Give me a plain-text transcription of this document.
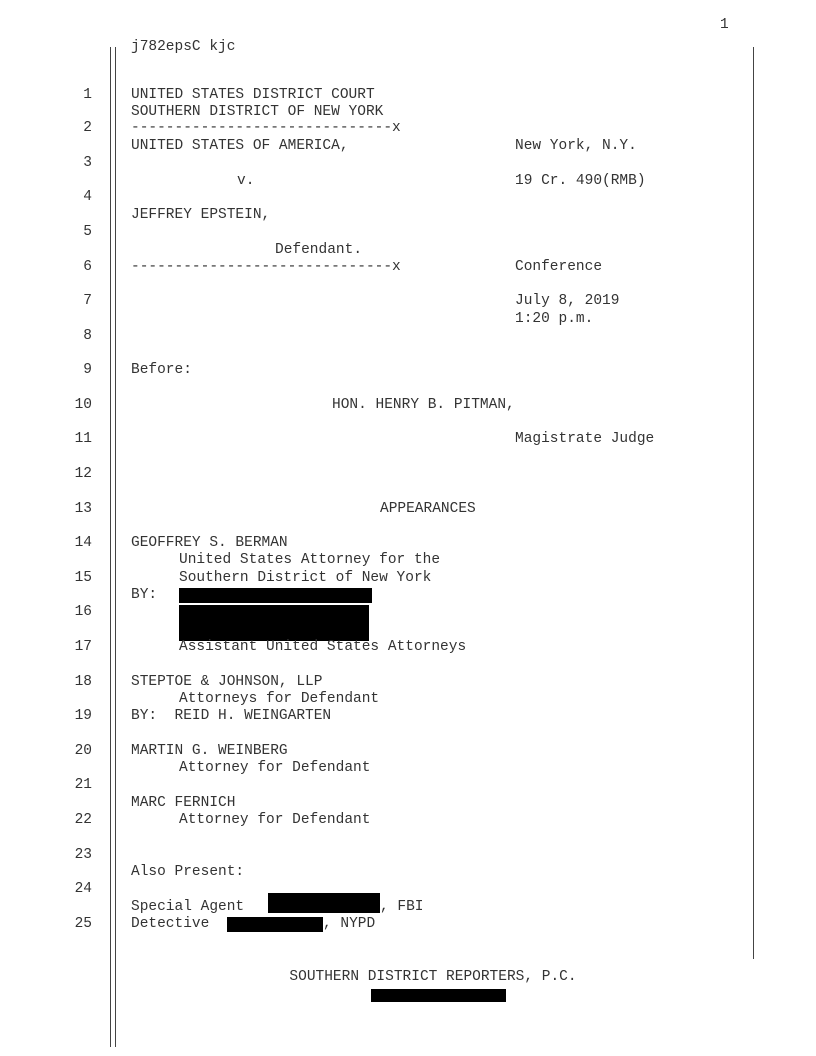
1
j782epsC kjc
1
2
3
4
5
6
7
8
9
10
11
12
13
14
15
16
17
18
19
20
21
22
23
24
25
UNITED STATES DISTRICT COURT
SOUTHERN DISTRICT OF NEW YORK
------------------------------x
UNITED STATES OF AMERICA,	New York, N.Y.
v.	19 Cr. 490(RMB)
JEFFREY EPSTEIN,
Defendant.
------------------------------x	Conference
July 8, 2019
1:20 p.m.
Before:
HON. HENRY B. PITMAN,
Magistrate Judge
APPEARANCES
GEOFFREY S. BERMAN
United States Attorney for the
Southern District of New York
BY:
Assistant United States Attorneys
STEPTOE & JOHNSON, LLP
Attorneys for Defendant
BY:  REID H. WEINGARTEN
MARTIN G. WEINBERG
Attorney for Defendant
MARC FERNICH
Attorney for Defendant
Also Present:
Special Agent	, FBI
Detective	, NYPD
SOUTHERN DISTRICT REPORTERS, P.C.
